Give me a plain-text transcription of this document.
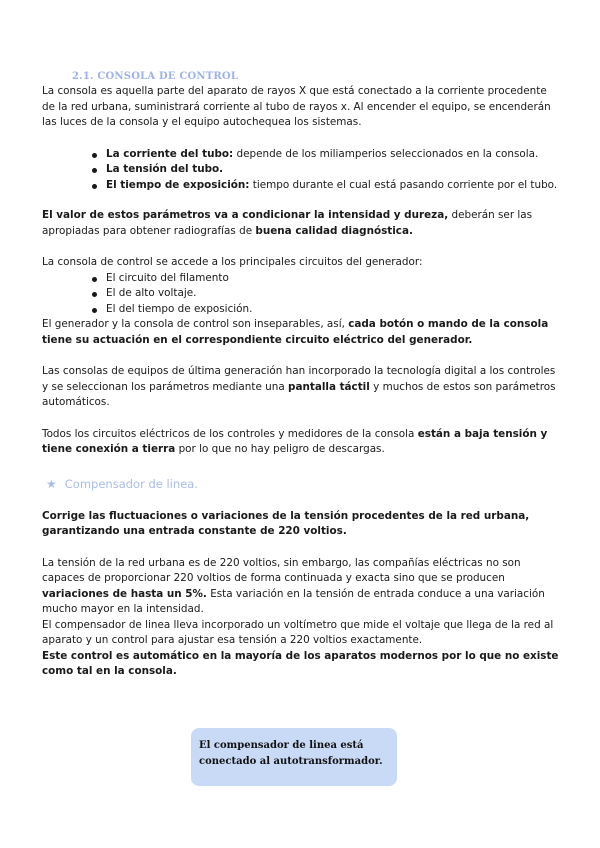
2.1. CONSOLA DE CONTROL

La consola es aquella parte del aparato de rayos X que está conectado a la corriente procedente de la red urbana, suministrará corriente al tubo de rayos x. Al encender el equipo, se encenderán las luces de la consola y el equipo autochequea los sistemas.

La corriente del tubo: depende de los miliamperios seleccionados en la consola.
La tensión del tubo.
El tiempo de exposición: tiempo durante el cual está pasando corriente por el tubo.

El valor de estos parámetros va a condicionar la intensidad y dureza, deberán ser las apropiadas para obtener radiografías de buena calidad diagnóstica.

La consola de control se accede a los principales circuitos del generador:

El circuito del filamento
El de alto voltaje.
El del tiempo de exposición.

El generador y la consola de control son inseparables, así, cada botón o mando de la consola tiene su actuación en el correspondiente circuito eléctrico del generador.

Las consolas de equipos de última generación han incorporado la tecnología digital a los controles y se seleccionan los parámetros mediante una pantalla táctil y muchos de estos son parámetros automáticos.

Todos los circuitos eléctricos de los controles y medidores de la consola están a baja tensión y tiene conexión a tierra por lo que no hay peligro de descargas.

★ Compensador de linea.

Corrige las fluctuaciones o variaciones de la tensión procedentes de la red urbana, garantizando una entrada constante de 220 voltios.

La tensión de la red urbana es de 220 voltios, sin embargo, las compañías eléctricas no son capaces de proporcionar 220 voltios de forma continuada y exacta sino que se producen variaciones de hasta un 5%. Esta variación en la tensión de entrada conduce a una variación mucho mayor en la intensidad.

El compensador de linea lleva incorporado un voltímetro que mide el voltaje que llega de la red al aparato y un control para ajustar esa tensión a 220 voltios exactamente.

Este control es automático en la mayoría de los aparatos modernos por lo que no existe como tal en la consola.

El compensador de linea está conectado al autotransformador.
